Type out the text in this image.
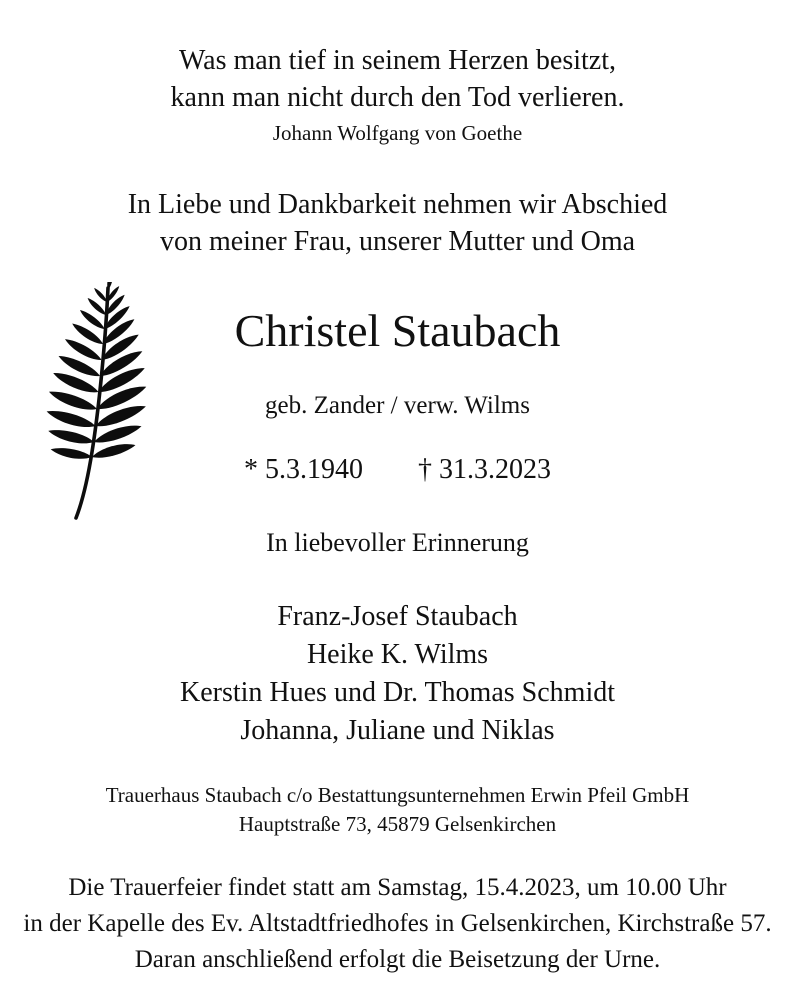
Was man tief in seinem Herzen besitzt,
kann man nicht durch den Tod verlieren.
Johann Wolfgang von Goethe
In Liebe und Dankbarkeit nehmen wir Abschied
von meiner Frau, unserer Mutter und Oma
Christel Staubach
geb. Zander / verw. Wilms
* 5.3.1940 † 31.3.2023
In liebevoller Erinnerung
Franz-Josef Staubach
Heike K. Wilms
Kerstin Hues und Dr. Thomas Schmidt
Johanna, Juliane und Niklas
Trauerhaus Staubach c/o Bestattungsunternehmen Erwin Pfeil GmbH
Hauptstraße 73, 45879 Gelsenkirchen
Die Trauerfeier findet statt am Samstag, 15.4.2023, um 10.00 Uhr
in der Kapelle des Ev. Altstadtfriedhofes in Gelsenkirchen, Kirchstraße 57.
Daran anschließend erfolgt die Beisetzung der Urne.
